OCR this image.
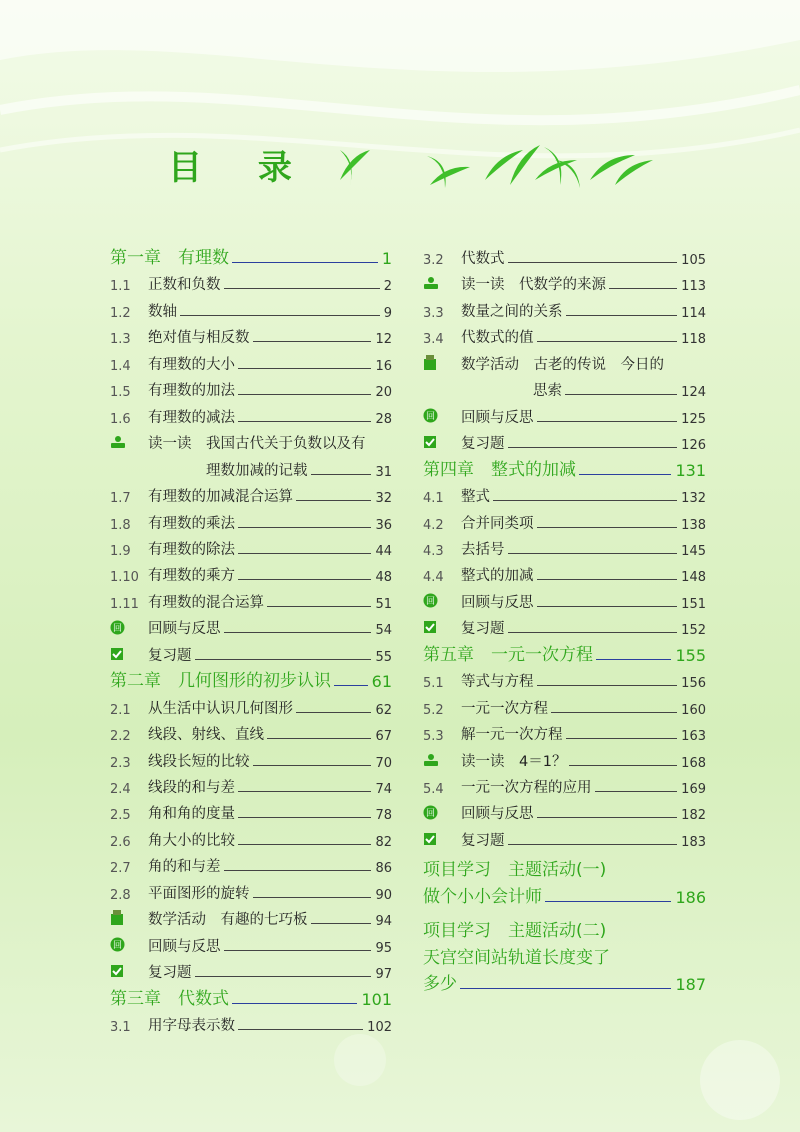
目 录
第一章　有理数	1
1.1	正数和负数	2
1.2	数轴	9
1.3	绝对值与相反数	12
1.4	有理数的大小	16
1.5	有理数的加法	20
1.6	有理数的减法	28
读一读　我国古代关于负数以及有
理数加减的记载	31
1.7	有理数的加减混合运算	32
1.8	有理数的乘法	36
1.9	有理数的除法	44
1.10 有理数的乘方	48
1.11 有理数的混合运算	51
回 回顾与反思	54
复习题	55
第二章　几何图形的初步认识	61
2.1	从生活中认识几何图形	62
2.2	线段、射线、直线	67
2.3	线段长短的比较	70
2.4	线段的和与差	74
2.5	角和角的度量	78
2.6	角大小的比较	82
2.7	角的和与差	86
2.8	平面图形的旋转	90
数学活动　有趣的七巧板	94
回 回顾与反思	95
复习题	97
第三章　代数式	101
3.1	用字母表示数	102
3.2	代数式	105
读一读　代数学的来源	113
3.3	数量之间的关系	114
3.4	代数式的值	118
数学活动　古老的传说　今日的
思索	124
回 回顾与反思	125
复习题	126
第四章　整式的加减	131
4.1	整式	132
4.2	合并同类项	138
4.3	去括号	145
4.4	整式的加减	148
回 回顾与反思	151
复习题	152
第五章　一元一次方程	155
5.1	等式与方程	156
5.2	一元一次方程	160
5.3	解一元一次方程	163
读一读　4＝1？	168
5.4	一元一次方程的应用	169
回 回顾与反思	182
复习题	183
项目学习　主题活动(一)
做个小小会计师	186
项目学习　主题活动(二)
天宫空间站轨道长度变了
多少	187
